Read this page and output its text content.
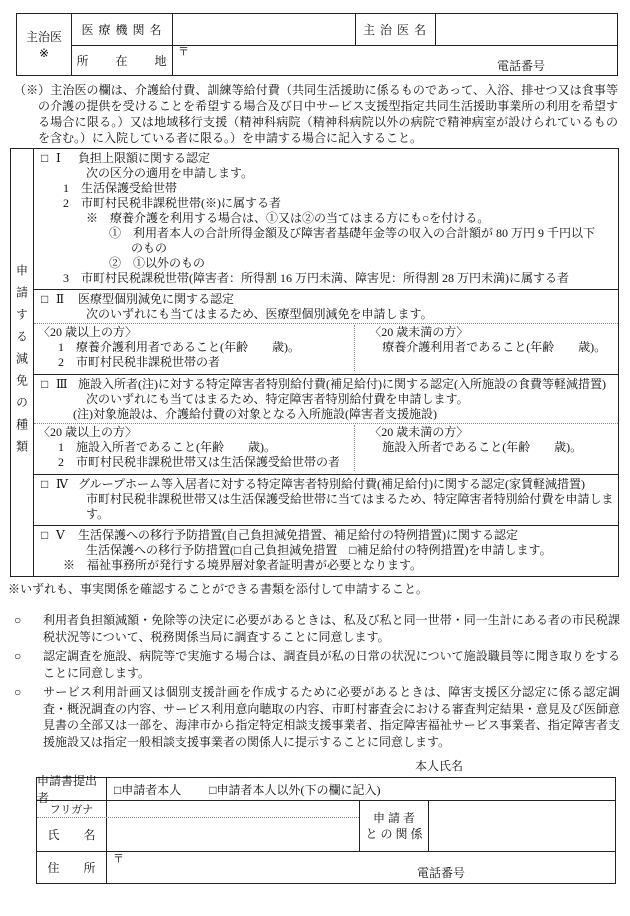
主治医
※
医 療 機 関 名	主 治 医 名
所　　在　　地
〒
電話番号
（※）主治医の欄は、介護給付費、訓練等給付費（共同生活援助に係るものであって、入浴、排せつ又は食事等の介護の提供を受けることを希望する場合及び日中サービス支援型指定共同生活援助事業所の利用を希望する場合に限る。）又は地域移行支援（精神科病院（精神科病院以外の病院で精神病室が設けられているものを含む。）に入院している者に限る。）を申請する場合に記入すること。
申請する減免の種類
□ Ⅰ	負担上限額に関する認定
次の区分の適用を申請します。
1　生活保護受給世帯
2　市町村民税非課税世帯(※)に属する者
※　療養介護を利用する場合は、①又は②の当てはまる方にも○を付ける。
①　利用者本人の合計所得金額及び障害者基礎年金等の収入の合計額が 80 万円 9 千円以下
のもの
②　①以外のもの
3　市町村民税課税世帯(障害者：所得割 16 万円未満、障害児：所得割 28 万円未満)に属する者
□ Ⅱ	医療型個別減免に関する認定
次のいずれにも当てはまるため、医療型個別減免を申請します。
〈20 歳以上の方〉
1　療養介護利用者であること(年齢　　歳)。
2　市町村民税非課税世帯の者
〈20 歳未満の方〉
療養介護利用者であること(年齢　　歳)。
□ Ⅲ 施設入所者(注)に対する特定障害者特別給付費(補足給付)に関する認定(入所施設の食費等軽減措置)
次のいずれにも当てはまるため、特定障害者特別給付費を申請します。
(注)対象施設は、介護給付費の対象となる入所施設(障害者支援施設)
〈20 歳以上の方〉
1　施設入所者であること(年齢　　歳)。
2　市町村民税非課税世帯又は生活保護受給世帯の者
〈20 歳未満の方〉
施設入所者であること(年齢　　歳)。
□ Ⅳ グループホーム等入居者に対する特定障害者特別給付費(補足給付)に関する認定(家賃軽減措置)
市町村民税非課税世帯又は生活保護受給世帯に当てはまるため、特定障害者特別給付費を申請します。
□ Ⅴ	生活保護への移行予防措置(自己負担減免措置、補足給付の特例措置)に関する認定
生活保護への移行予防措置(□自己負担減免措置　 □補足給付の特例措置)を申請します。
※　福祉事務所が発行する境界層対象者証明書が必要となります。
※いずれも、事実関係を確認することができる書類を添付して申請すること。
○	利用者負担額減額・免除等の決定に必要があるときは、私及び私と同一世帯・同一生計にある者の市民税課税状況等について、税務関係当局に調査することに同意します。
○	認定調査を施設、病院等で実施する場合は、調査員が私の日常の状況について施設職員等に聞き取りをすることに同意します。
○	サービス利用計画又は個別支援計画を作成するために必要があるときは、障害支援区分認定に係る認定調査・概況調査の内容、サービス利用意向聴取の内容、市町村審査会における審査判定結果・意見及び医師意見書の全部又は一部を、海津市から指定特定相談支援事業者、指定障害福祉サービス事業者、指定障害者支援施設又は指定一般相談支援事業者の関係人に提示することに同意します。
本人氏名
申請書提出者
□申請者本人 □申請者本人以外(下の欄に記入)
フリガナ
氏　　名
申 請 者
と の 関 係
住　　所
〒
電話番号
